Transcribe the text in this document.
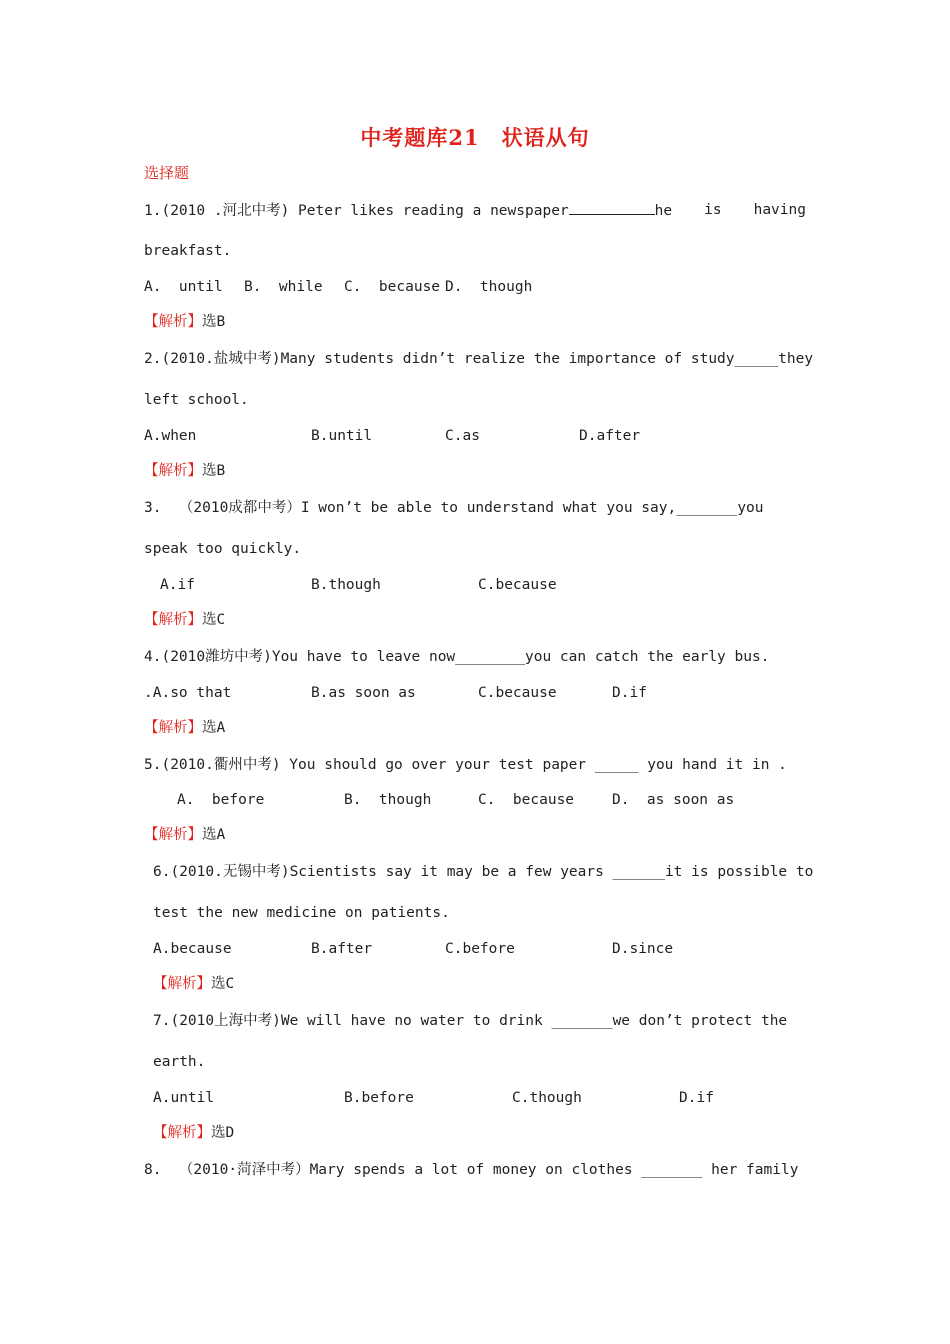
中考题库21　状语从句
选择题
1.(2010 .河北中考) Peter likes reading a newspaper	he is having
breakfast.

A.  until

B.  while

C.  because

D.  though

【解析】选B
2.(2010.盐城中考)Many students didn’t realize the importance of study_____they
left school.

A.when

	B.until

	C.as

	D.after

【解析】选B
3.  （2010成都中考）I won’t be able to understand what you say,_______you
speak too quickly.

A.if

	B.though

	C.because

【解析】选C
4.(2010潍坊中考)You have to leave now________you can catch the early bus.

.A.so that

	B.as soon as

	C.because

	D.if

【解析】选A
5.(2010.衢州中考) You should go over your test paper _____ you hand it in .

A.  before

	B.  though

	C.  because

	D.  as soon as

【解析】选A
6.(2010.无锡中考)Scientists say it may be a few years ______it is possible to
test the new medicine on patients.

A.because

	B.after

	C.before

	D.since

【解析】选C
7.(2010上海中考)We will have no water to drink _______we don’t protect the
earth.

A.until

	B.before

	C.though

	D.if

【解析】选D
8.  （2010·菏泽中考）Mary spends a lot of money on clothes _______ her family
